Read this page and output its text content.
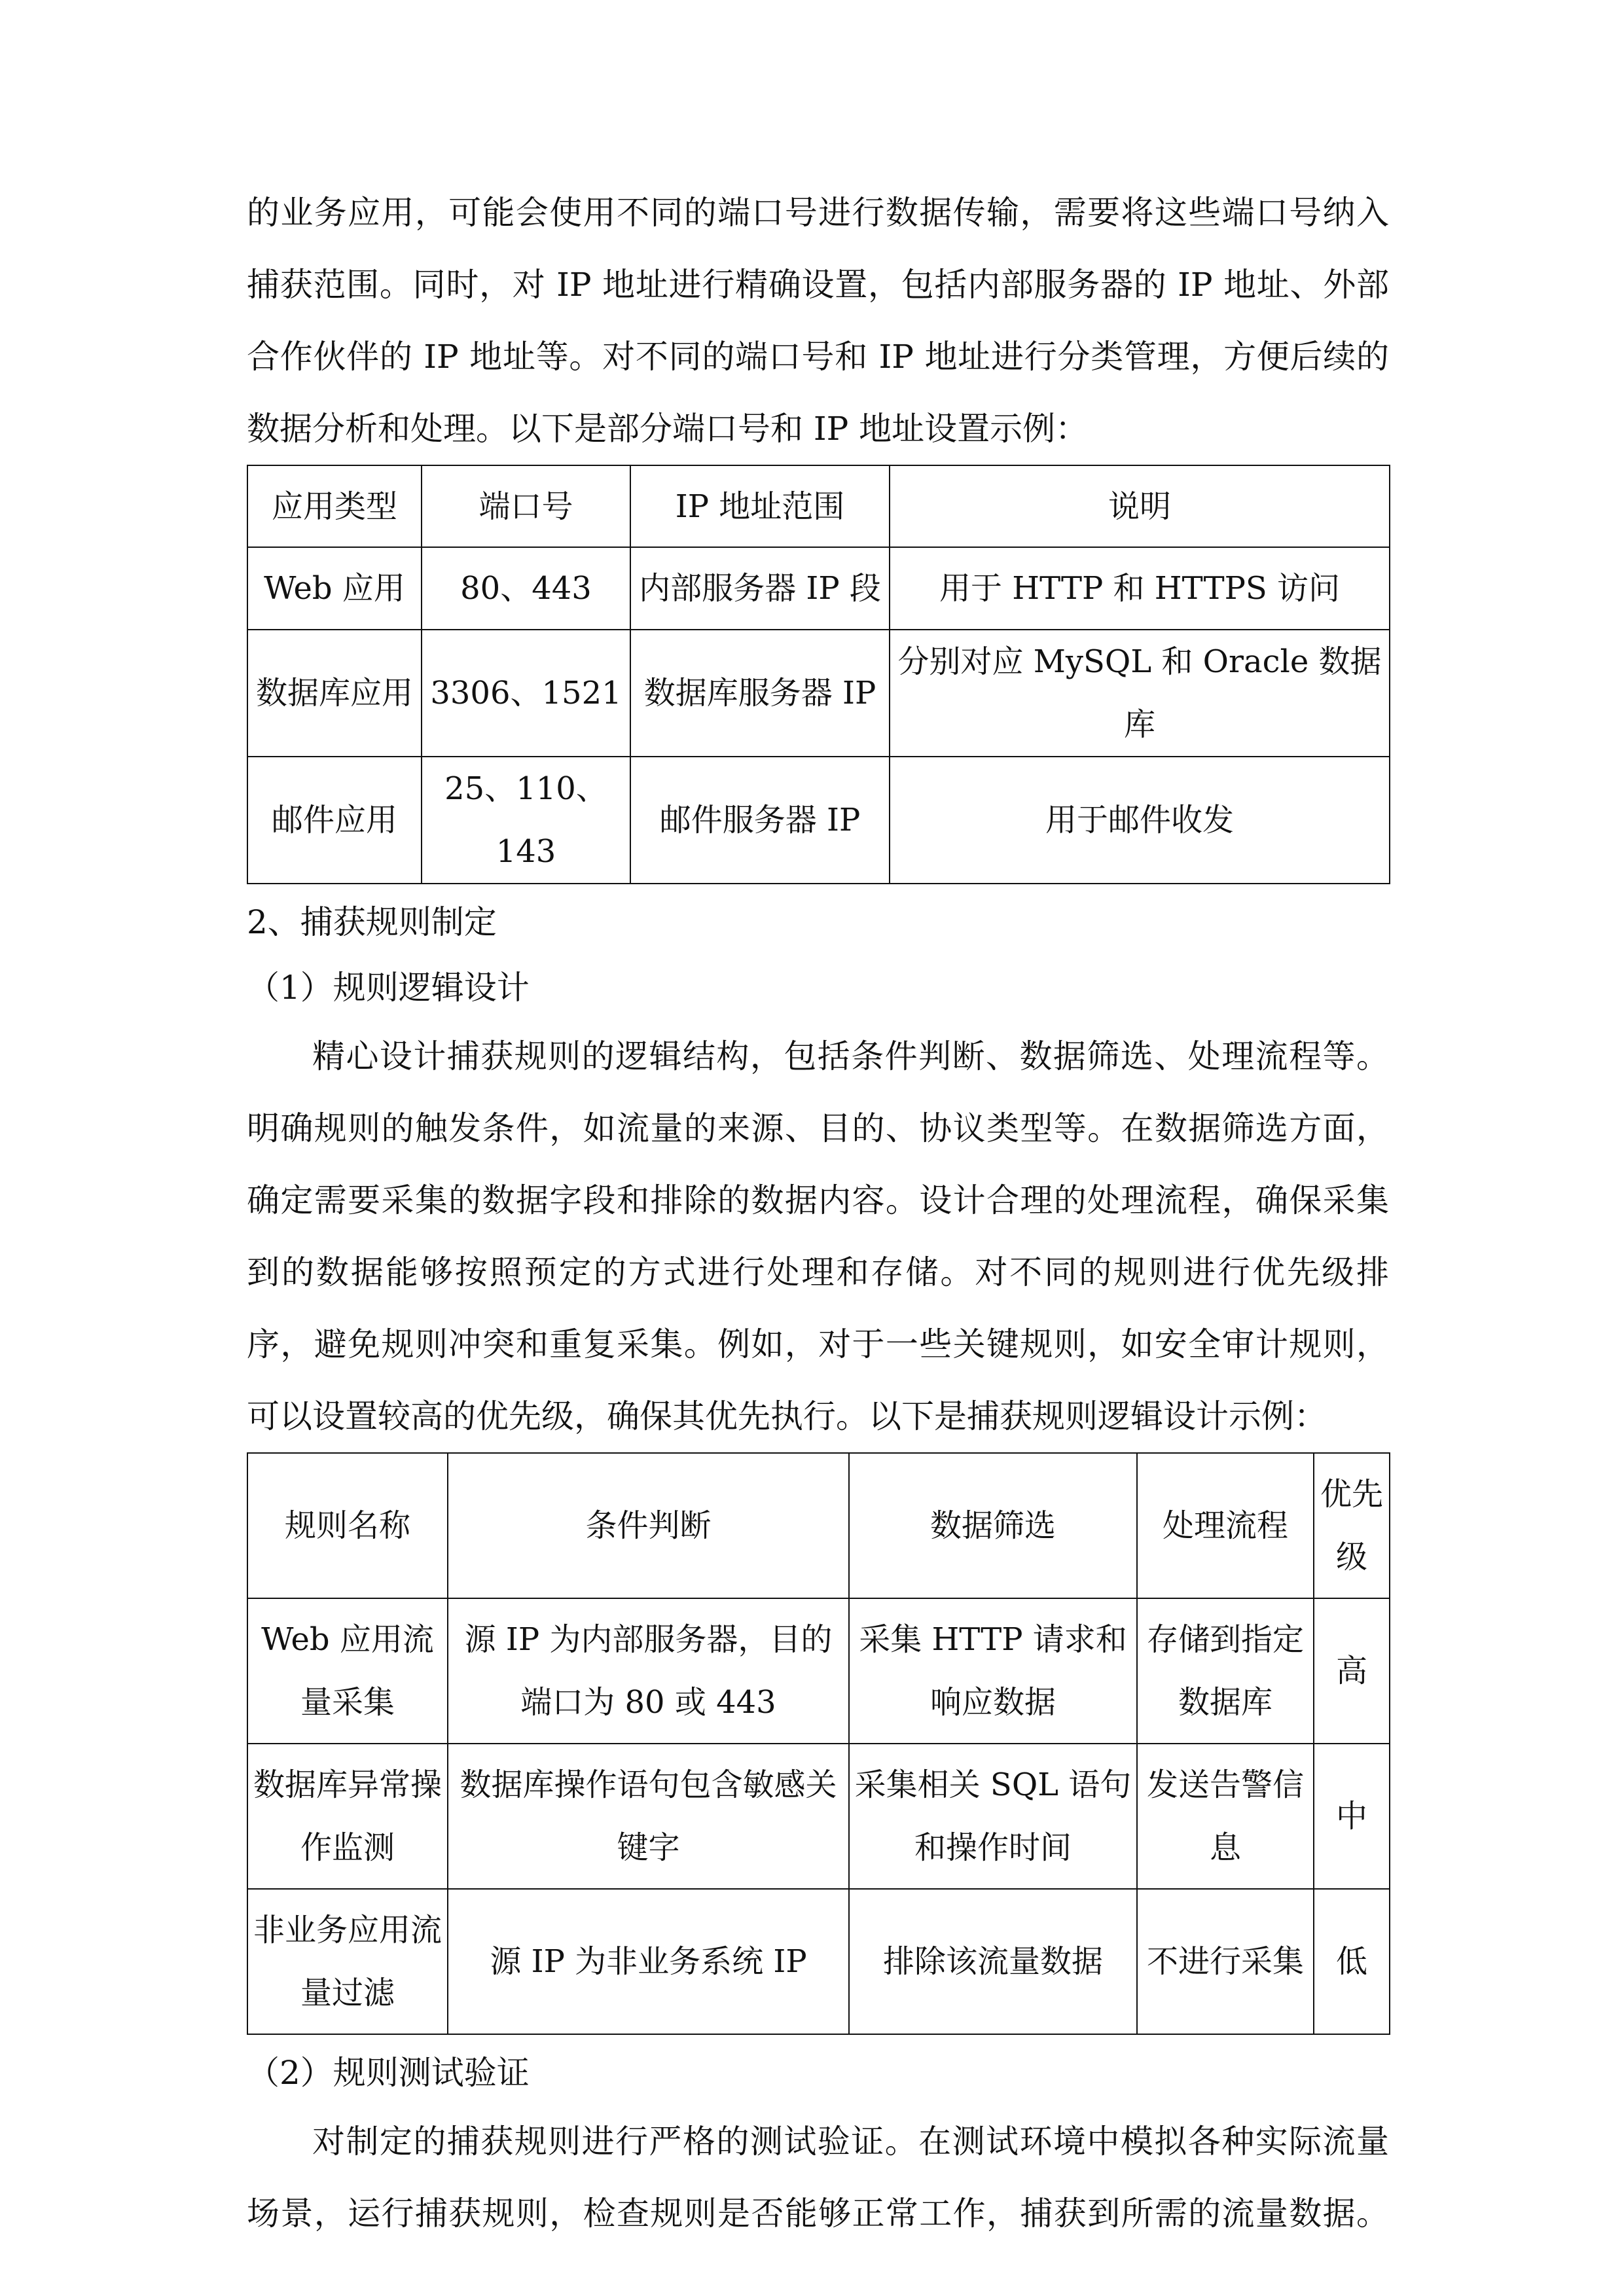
的业务应用，可能会使用不同的端口号进行数据传输，需要将这些端口号纳入

捕获范围。同时，对 IP 地址进行精确设置，包括内部服务器的 IP 地址、外部

合作伙伴的 IP 地址等。对不同的端口号和 IP 地址进行分类管理，方便后续的

数据分析和处理。以下是部分端口号和 IP 地址设置示例：

应用类型	端口号	IP 地址范围	说明
Web 应用	80、443	内部服务器 IP 段	用于 HTTP 和 HTTPS 访问
数据库应用	3306、1521	数据库服务器 IP	分别对应 MySQL 和 Oracle 数据库
邮件应用	25、110、143	邮件服务器 IP	用于邮件收发

2、捕获规则制定

（1）规则逻辑设计

精心设计捕获规则的逻辑结构，包括条件判断、数据筛选、处理流程等。

明确规则的触发条件，如流量的来源、目的、协议类型等。在数据筛选方面，

确定需要采集的数据字段和排除的数据内容。设计合理的处理流程，确保采集

到的数据能够按照预定的方式进行处理和存储。对不同的规则进行优先级排

序，避免规则冲突和重复采集。例如，对于一些关键规则，如安全审计规则，

可以设置较高的优先级，确保其优先执行。以下是捕获规则逻辑设计示例：

规则名称	条件判断	数据筛选	处理流程	优先级
Web 应用流量采集	源 IP 为内部服务器，目的端口为 80 或 443	采集 HTTP 请求和响应数据	存储到指定数据库	高
数据库异常操作监测	数据库操作语句包含敏感关键字	采集相关 SQL 语句和操作时间	发送告警信息	中
非业务应用流量过滤	源 IP 为非业务系统 IP	排除该流量数据	不进行采集	低

（2）规则测试验证

对制定的捕获规则进行严格的测试验证。在测试环境中模拟各种实际流量

场景，运行捕获规则，检查规则是否能够正常工作，捕获到所需的流量数据。
